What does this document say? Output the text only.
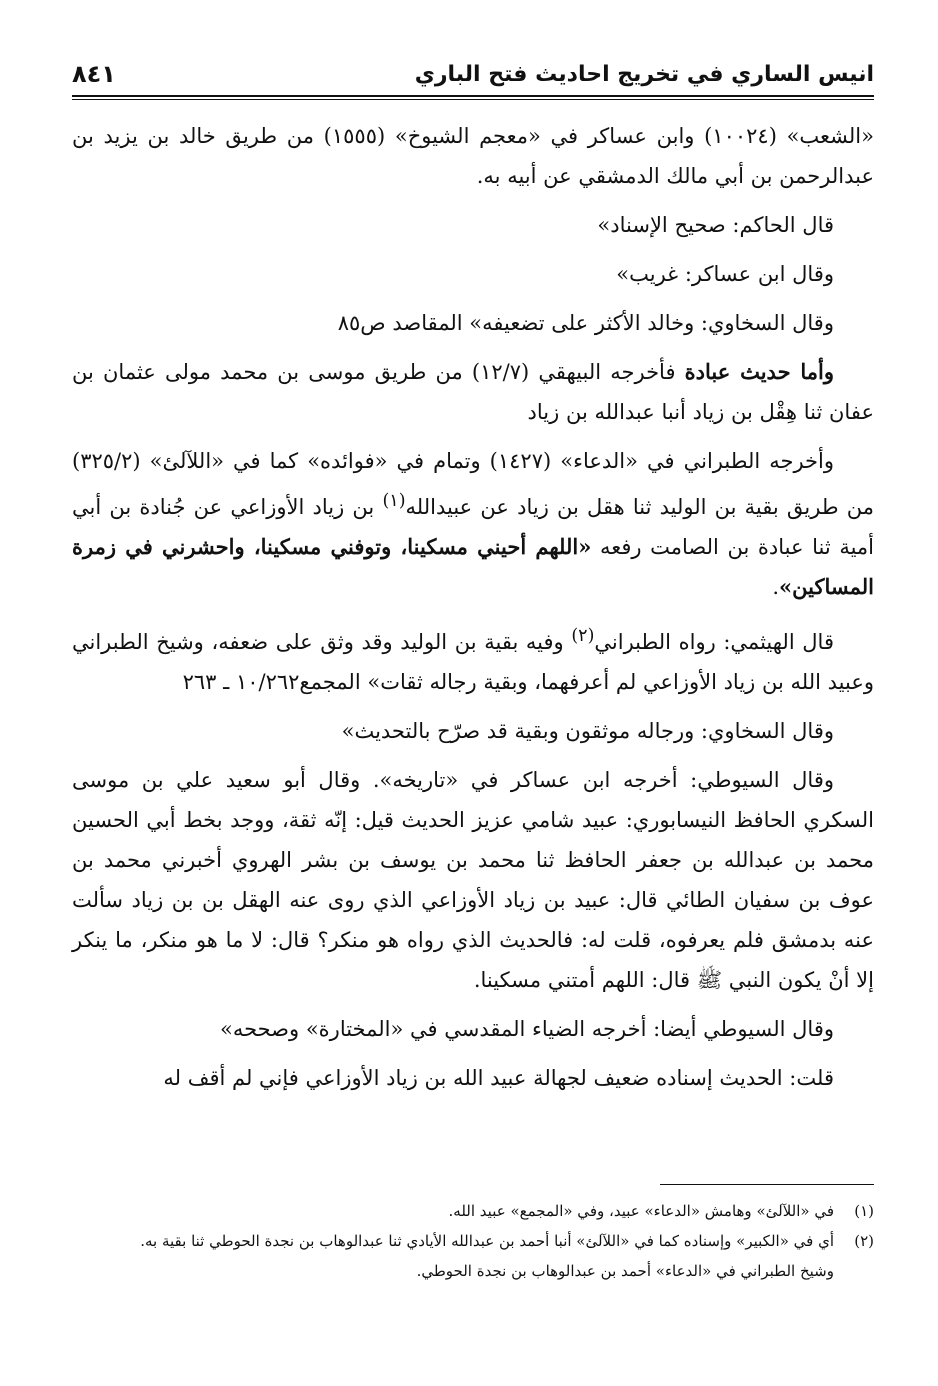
انيس الساري في تخريج احاديث فتح الباري
٨٤١

«الشعب» (١٠٠٢٤) وابن عساكر في «معجم الشيوخ» (١٥٥٥) من طريق خالد بن يزيد بن عبدالرحمن بن أبي مالك الدمشقي عن أبيه به.

قال الحاكم: صحيح الإسناد»

وقال ابن عساكر: غريب»

وقال السخاوي: وخالد الأكثر على تضعيفه» المقاصد ص٨٥

وأما حديث عبادة فأخرجه البيهقي (١٢/٧) من طريق موسى بن محمد مولى عثمان بن عفان ثنا هِقْل بن زياد أنبا عبدالله بن زياد

وأخرجه الطبراني في «الدعاء» (١٤٢٧) وتمام في «فوائده» كما في «اللآلئ» (٣٢٥/٢) من طريق بقية بن الوليد ثنا هقل بن زياد عن عبيدالله$^{(١)}$ بن زياد الأوزاعي عن جُنادة بن أبي أمية ثنا عبادة بن الصامت رفعه «اللهم أحيني مسكينا، وتوفني مسكينا، واحشرني في زمرة المساكين».

قال الهيثمي: رواه الطبراني$^{(٢)}$ وفيه بقية بن الوليد وقد وثق على ضعفه، وشيخ الطبراني وعبيد الله بن زياد الأوزاعي لم أعرفهما، وبقية رجاله ثقات» المجمع١٠/٢٦٢ ـ ٢٦٣

وقال السخاوي: ورجاله موثقون وبقية قد صرّح بالتحديث»

وقال السيوطي: أخرجه ابن عساكر في «تاريخه». وقال أبو سعيد علي بن موسى السكري الحافظ النيسابوري: عبيد شامي عزيز الحديث قيل: إنّه ثقة، ووجد بخط أبي الحسين محمد بن عبدالله بن جعفر الحافظ ثنا محمد بن يوسف بن بشر الهروي أخبرني محمد بن عوف بن سفيان الطائي قال: عبيد بن زياد الأوزاعي الذي روى عنه الهقل بن بن زياد سألت عنه بدمشق فلم يعرفوه، قلت له: فالحديث الذي رواه هو منكر؟ قال: لا ما هو منكر، ما ينكر إلا أنْ يكون النبي ﷺ قال: اللهم أمتني مسكينا.

وقال السيوطي أيضا: أخرجه الضياء المقدسي في «المختارة» وصححه»

قلت: الحديث إسناده ضعيف لجهالة عبيد الله بن زياد الأوزاعي فإني لم أقف له

(١)في «اللآلئ» وهامش «الدعاء» عبيد، وفي «المجمع» عبيد الله.

(٢)أي في «الكبير» وإسناده كما في «اللآلئ» أنبا أحمد بن عبدالله الأيادي ثنا عبدالوهاب بن نجدة الحوطي ثنا بقية به.

وشيخ الطبراني في «الدعاء» أحمد بن عبدالوهاب بن نجدة الحوطي.
